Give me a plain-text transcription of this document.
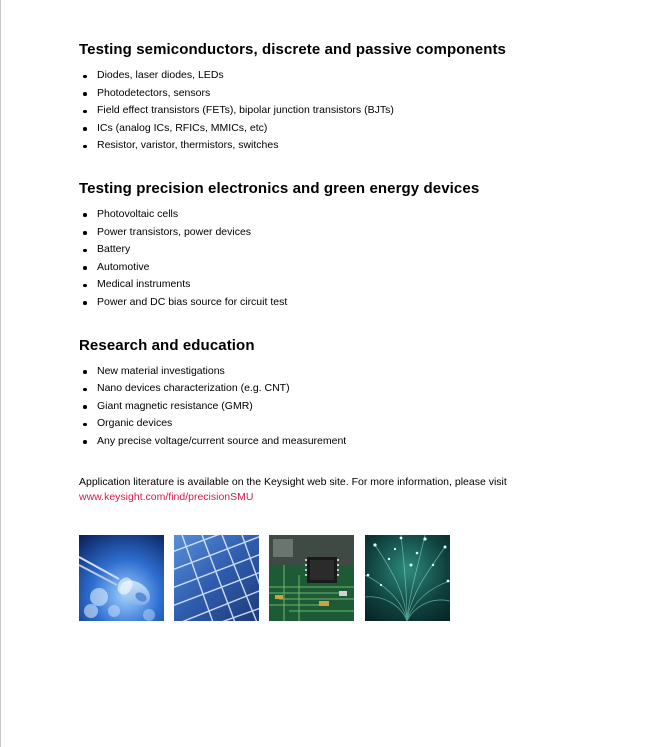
Testing semiconductors, discrete and passive components
Diodes, laser diodes, LEDs
Photodetectors, sensors
Field effect transistors (FETs), bipolar junction transistors (BJTs)
ICs (analog ICs, RFICs, MMICs, etc)
Resistor, varistor, thermistors, switches
Testing precision electronics and green energy devices
Photovoltaic cells
Power transistors, power devices
Battery
Automotive
Medical instruments
Power and DC bias source for circuit test
Research and education
New material investigations
Nano devices characterization (e.g. CNT)
Giant magnetic resistance (GMR)
Organic devices
Any precise voltage/current source and measurement
Application literature is available on the Keysight web site. For more information, please visit
www.keysight.com/find/precisionSMU
